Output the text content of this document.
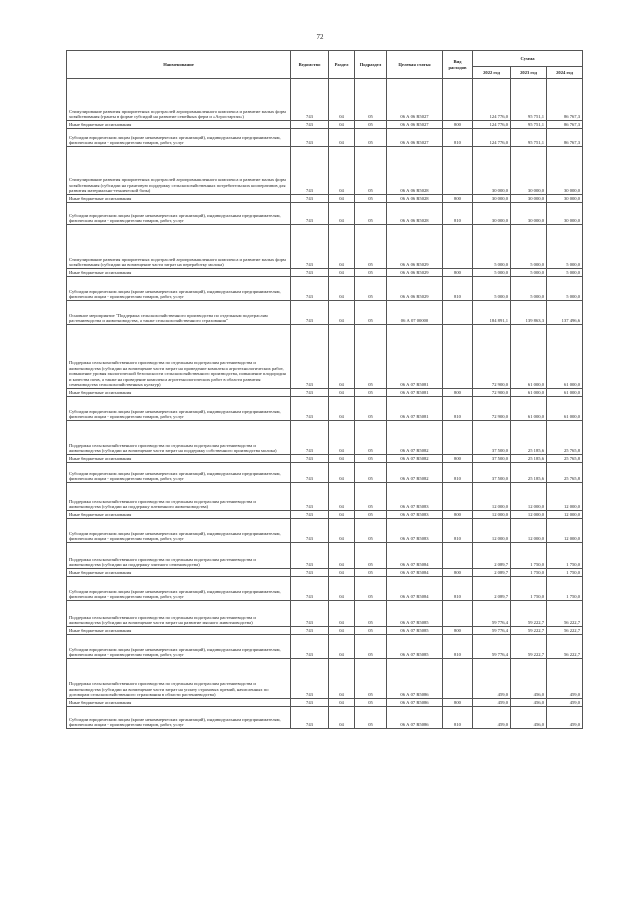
72
Наименование	Ведомство	Раздел	Подраздел	Целевая статья	Вид расходов	Сумма		
						2022 год	2023 год	2024 год
Стимулирование развития приоритетных подотраслей агропромышленного комплекса и развитие малых форм хозяйствования (гранты в форме субсидий на развитие семейных ферм и «Агростартап»)	743	04	05	06 А 06 R5027		124 776,0	95 751,1	86 767,3
Иные бюджетные ассигнования	743	04	05	06 А 06 R5027	800	124 776,0	95 751,1	86 767,3
Субсидии юридическим лицам (кроме некоммерческих организаций), индивидуальным предпринимателям, физическим лицам - производителям товаров, работ, услуг	743	04	05	06 А 06 R5027	810	124 776,0	95 751,1	86 767,3
Стимулирование развития приоритетных подотраслей агропромышленного комплекса и развитие малых форм хозяйствования (субсидии на грантовую поддержку сельскохозяйственных потребительских кооперативов для развития материально-технической базы)	743	04	05	06 А 06 R5028		30 000,0	30 000,0	30 000,0
Иные бюджетные ассигнования	743	04	05	06 А 06 R5028	800	30 000,0	30 000,0	30 000,0
Субсидии юридическим лицам (кроме некоммерческих организаций), индивидуальным предпринимателям, физическим лицам - производителям товаров, работ, услуг	743	04	05	06 А 06 R5028	810	30 000,0	30 000,0	30 000,0
Стимулирование развития приоритетных подотраслей агропромышленного комплекса и развитие малых форм хозяйствования (субсидии на возмещение части затрат на переработку молока)	743	04	05	06 А 06 R5029		5 000,0	5 000,0	5 000,0
Иные бюджетные ассигнования	743	04	05	06 А 06 R5029	800	5 000,0	5 000,0	5 000,0
Субсидии юридическим лицам (кроме некоммерческих организаций), индивидуальным предпринимателям, физическим лицам - производителям товаров, работ, услуг	743	04	05	06 А 06 R5029	810	5 000,0	5 000,0	5 000,0
Основное мероприятие "Поддержка сельскохозяйственного производства по отдельным подотраслям растениеводства и животноводства, а также сельскохозяйственного страхования"	743	04	05	06 А 07 00000		184 891,1	139 863,3	137 496,6
Поддержка сельскохозяйственного производства по отдельным подотраслям растениеводства и животноводства (субсидии на возмещение части затрат на проведение комплекса агротехнологических работ, повышение уровня экологической безопасности сельскохозяйственного производства, повышение плодородия и качества почв, а также на проведение комплекса агротехнологических работ в области развития семеноводства сельскохозяйственных культур)	743	04	05	06 А 07 R5081		72 900,0	61 000,0	61 000,0
Иные бюджетные ассигнования	743	04	05	06 А 07 R5081	800	72 900,0	61 000,0	61 000,0
Субсидии юридическим лицам (кроме некоммерческих организаций), индивидуальным предпринимателям, физическим лицам - производителям товаров, работ, услуг	743	04	05	06 А 07 R5081	810	72 900,0	61 000,0	61 000,0
Поддержка сельскохозяйственного производства по отдельным подотраслям растениеводства и животноводства (субсидии на возмещение части затрат на поддержку собственного производства молока)	743	04	05	06 А 07 R5082		37 500,0	25 185,6	25 765,8
Иные бюджетные ассигнования	743	04	05	06 А 07 R5082	800	37 500,0	25 185,6	25 765,8
Субсидии юридическим лицам (кроме некоммерческих организаций), индивидуальным предпринимателям, физическим лицам - производителям товаров, работ, услуг	743	04	05	06 А 07 R5082	810	37 500,0	25 185,6	25 765,8
Поддержка сельскохозяйственного производства по отдельным подотраслям растениеводства и животноводства (субсидии на поддержку племенного животноводства)	743	04	05	06 А 07 R5083		12 000,0	12 000,0	12 000,0
Иные бюджетные ассигнования	743	04	05	06 А 07 R5083	800	12 000,0	12 000,0	12 000,0
Субсидии юридическим лицам (кроме некоммерческих организаций), индивидуальным предпринимателям, физическим лицам - производителям товаров, работ, услуг	743	04	05	06 А 07 R5083	810	12 000,0	12 000,0	12 000,0
Поддержка сельскохозяйственного производства по отдельным подотраслям растениеводства и животноводства (субсидии на поддержку элитного семеноводства)	743	04	05	06 А 07 R5084		2 089,7	1 750,0	1 750,0
Иные бюджетные ассигнования	743	04	05	06 А 07 R5084	800	2 089,7	1 750,0	1 750,0
Субсидии юридическим лицам (кроме некоммерческих организаций), индивидуальным предпринимателям, физическим лицам - производителям товаров, работ, услуг	743	04	05	06 А 07 R5084	810	2 089,7	1 750,0	1 750,0
Поддержка сельскохозяйственного производства по отдельным подотраслям растениеводства и животноводства (субсидии на возмещение части затрат на развитие мясного животноводства)	743	04	05	06 А 07 R5085		59 776,4	59 222,7	56 222,7
Иные бюджетные ассигнования	743	04	05	06 А 07 R5085	800	59 776,4	59 222,7	56 222,7
Субсидии юридическим лицам (кроме некоммерческих организаций), индивидуальным предпринимателям, физическим лицам - производителям товаров, работ, услуг	743	04	05	06 А 07 R5085	810	59 776,4	59 222,7	56 222,7
Поддержка сельскохозяйственного производства по отдельным подотраслям растениеводства и животноводства (субсидии на возмещение части затрат на уплату страховых премий, начисленных по договорам сельскохозяйственного страхования в области растениеводства)	743	04	05	06 А 07 R5086		459,0	456,0	459,0
Иные бюджетные ассигнования	743	04	05	06 А 07 R5086	800	459,0	456,0	459,0
Субсидии юридическим лицам (кроме некоммерческих организаций), индивидуальным предпринимателям, физическим лицам - производителям товаров, работ, услуг	743	04	05	06 А 07 R5086	810	459,0	456,0	459,0
